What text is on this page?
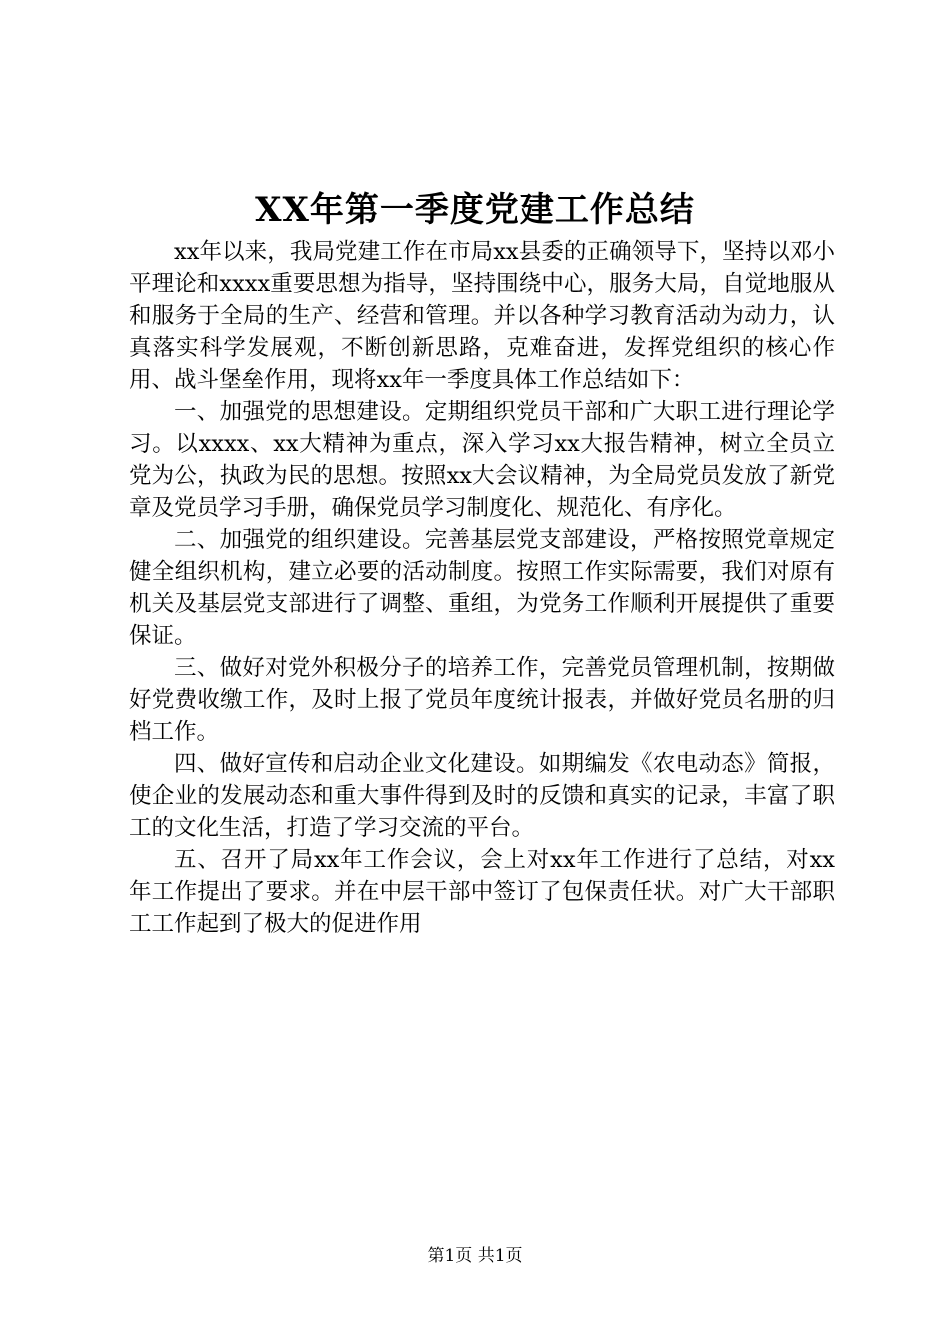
XX年第一季度党建工作总结

xx年以来，我局党建工作在市局xx县委的正确领导下，坚持以邓小平理论和xxxx重要思想为指导，坚持围绕中心，服务大局，自觉地服从和服务于全局的生产、经营和管理。并以各种学习教育活动为动力，认真落实科学发展观，不断创新思路，克难奋进，发挥党组织的核心作用、战斗堡垒作用，现将xx年一季度具体工作总结如下：

一、加强党的思想建设。定期组织党员干部和广大职工进行理论学习。以xxxx、xx大精神为重点，深入学习xx大报告精神，树立全员立党为公，执政为民的思想。按照xx大会议精神，为全局党员发放了新党章及党员学习手册，确保党员学习制度化、规范化、有序化。

二、加强党的组织建设。完善基层党支部建设，严格按照党章规定健全组织机构，建立必要的活动制度。按照工作实际需要，我们对原有机关及基层党支部进行了调整、重组，为党务工作顺利开展提供了重要保证。

三、做好对党外积极分子的培养工作，完善党员管理机制，按期做好党费收缴工作，及时上报了党员年度统计报表，并做好党员名册的归档工作。

四、做好宣传和启动企业文化建设。如期编发《农电动态》简报，使企业的发展动态和重大事件得到及时的反馈和真实的记录，丰富了职工的文化生活，打造了学习交流的平台。

五、召开了局xx年工作会议，会上对xx年工作进行了总结，对xx年工作提出了要求。并在中层干部中签订了包保责任状。对广大干部职工工作起到了极大的促进作用

第1页 共1页
